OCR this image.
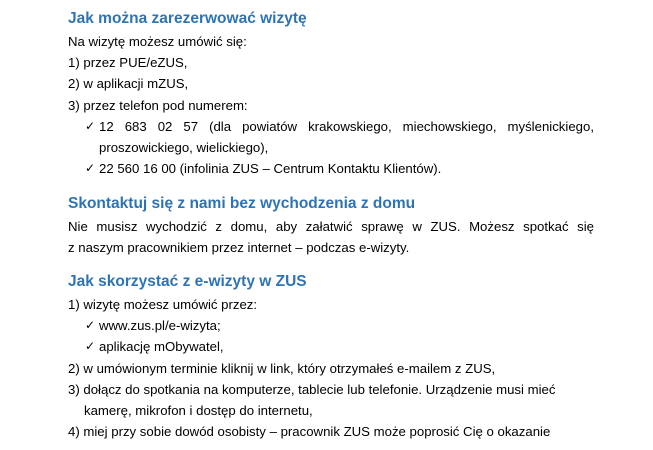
Jak można zarezerwować wizytę
Na wizytę możesz umówić się:
1) przez PUE/eZUS,
2) w aplikacji mZUS,
3) przez telefon pod numerem:
✓ 12 683 02 57 (dla powiatów krakowskiego, miechowskiego, myślenickiego,
proszowickiego, wielickiego),
✓ 22 560 16 00 (infolinia ZUS – Centrum Kontaktu Klientów).
Skontaktuj się z nami bez wychodzenia z domu
Nie musisz wychodzić z domu, aby załatwić sprawę w ZUS. Możesz spotkać się
z naszym pracownikiem przez internet – podczas e-wizyty.
Jak skorzystać z e-wizyty w ZUS
1) wizytę możesz umówić przez:
✓ www.zus.pl/e-wizyta;
✓ aplikację mObywatel,
2) w umówionym terminie kliknij w link, który otrzymałeś e-mailem z ZUS,
3) dołącz do spotkania na komputerze, tablecie lub telefonie. Urządzenie musi mieć
kamerę, mikrofon i dostęp do internetu,
4) miej przy sobie dowód osobisty – pracownik ZUS może poprosić Cię o okazanie
